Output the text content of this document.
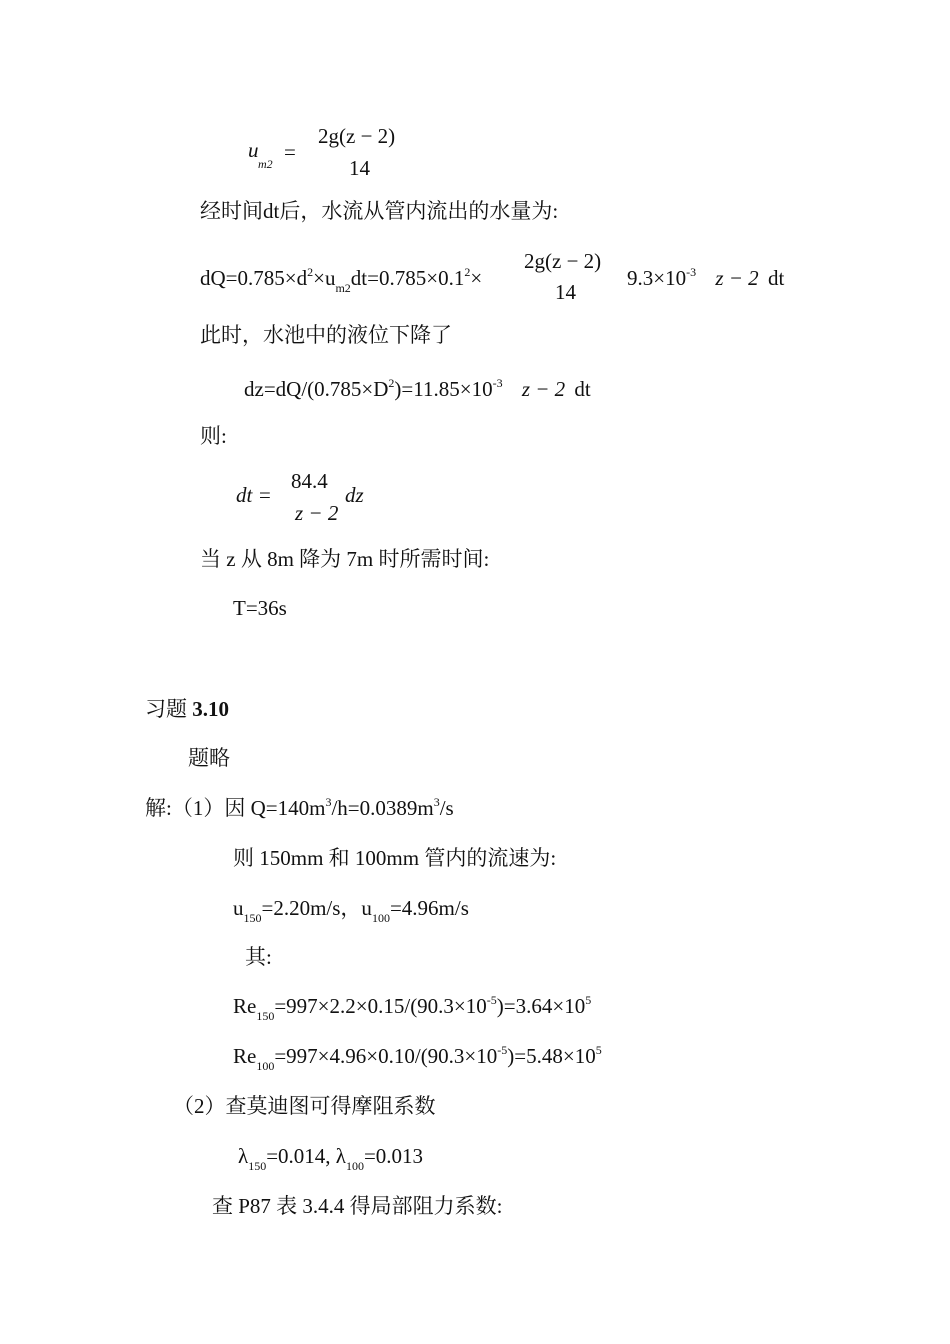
u
m2 =
2g(z − 2)
14
经时间dt后，水流从管内流出的水量为:
$dQ=0.785\times d^2\times u_{m2}dt=0.785\times 0.1^2\times$
2g(z − 2)
14
$9.3\times 10^{-3}$ z − 2 dt
此时，水池中的液位下降了
$dz=dQ/(0.785\times D^2)=11.85\times 10^{-3}$ z − 2 dt
则:
dt =
84.4
z − 2
dz
当 z 从 8m 降为 7m 时所需时间:
T=36s
习题 3.10
题略
解:（1）因 $Q=140m^3/h=0.0389m^3/s$
则 150mm 和 100mm 管内的流速为:
$u_{150}=2.20m/s$，$u_{100}=4.96m/s$
其:
$Re_{150}=997\times 2.2\times 0.15/(90.3\times 10^{-5})=3.64\times 10^5$
$Re_{100}=997\times 4.96\times 0.10/(90.3\times 10^{-5})=5.48\times 10^5$
（2）查莫迪图可得摩阻系数
$\lambda_{150}=0.014$, $\lambda_{100}=0.013$
查 P87 表 3.4.4 得局部阻力系数:
